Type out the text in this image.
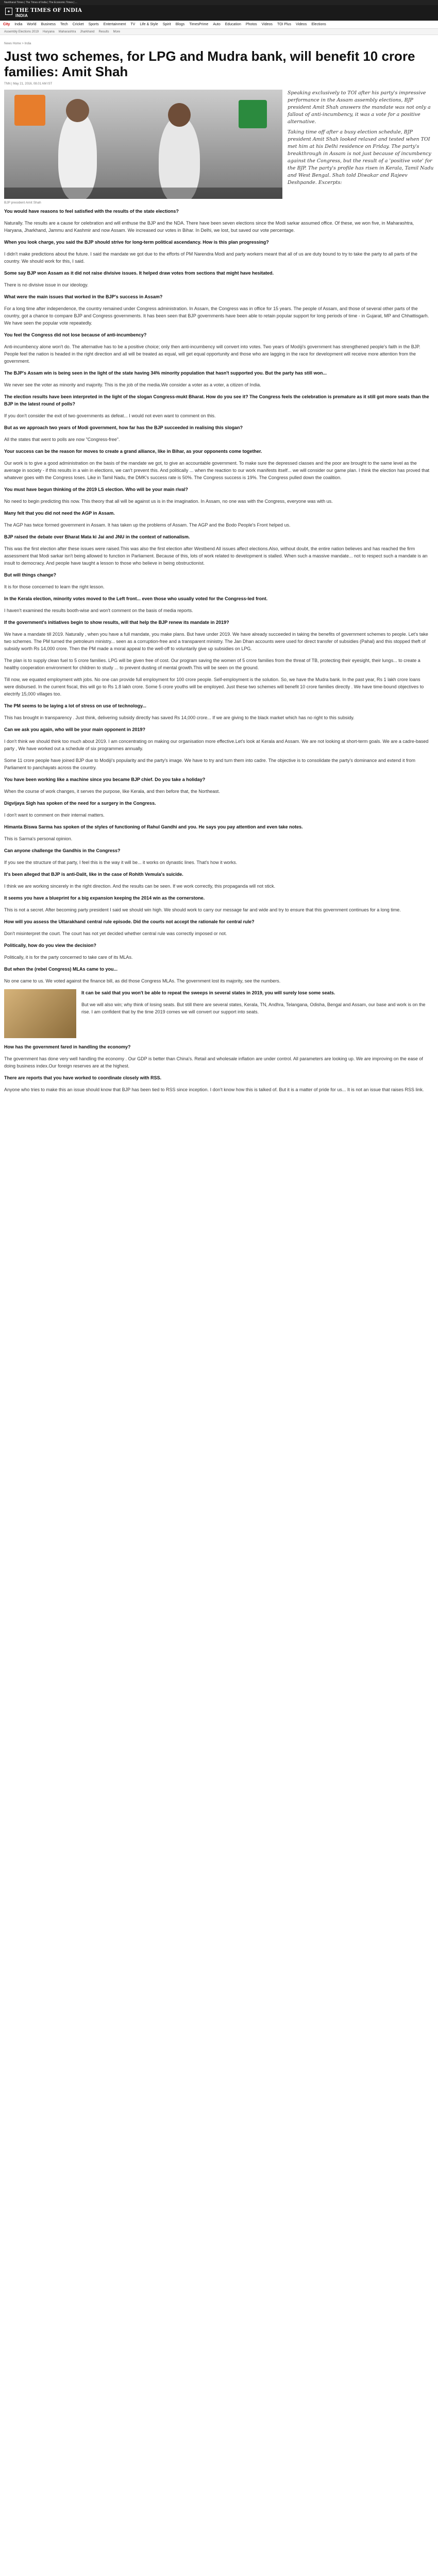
Navbharat Times | The Times of India | The Economic Times | ...
✦ THE TIMES OF INDIA
INDIA
City India World Business Tech Cricket Sports Entertainment TV Life & Style Spirit Blogs TimesPrime Auto Education Photos Videos TOI Plus Videos Elections
Assembly Elections 2019 Haryana Maharashtra Jharkhand Results More
News Home > India
Just two schemes, for LPG and Mudra bank, will benefit 10 crore families: Amit Shah
TNN | May 21, 2016, 08.01 AM IST

Speaking exclusively to TOI after his party's impressive performance in the Assam assembly elections, BJP president Amit Shah answers the mandate was not only a fallout of anti-incumbency, it was a vote for a positive alternative.

Taking time off after a busy election schedule, BJP president Amit Shah looked relaxed and tested when TOI met him at his Delhi residence on Friday. The party's breakthrough in Assam is not just because of incumbency against the Congress, but the result of a 'positive vote' for the BJP. The party's profile has risen in Kerala, Tamil Nadu and West Bengal. Shah told Diwakar and Rajeev Deshpande. Excerpts:

BJP president Amit Shah

You would have reasons to feel satisfied with the results of the state elections?

Naturally. The results are a cause for celebration and will enthuse the BJP and the NDA. There have been seven elections since the Modi sarkar assumed office. Of these, we won five, in Maharashtra, Haryana, Jharkhand, Jammu and Kashmir and now Assam. We increased our votes in Bihar. In Delhi, we lost, but saved our vote percentage.

When you look charge, you said the BJP should strive for long-term political ascendancy. How is this plan progressing?

I didn't make predictions about the future. I said the mandate we got due to the efforts of PM Narendra Modi and party workers meant that all of us are duty bound to try to take the party to all parts of the country. We should work for this, I said.

Some say BJP won Assam as it did not raise divisive issues. It helped draw votes from sections that might have hesitated.

There is no divisive issue in our ideology.

What were the main issues that worked in the BJP's success in Assam?

For a long time after independence, the country remained under Congress administration. In Assam, the Congress was in office for 15 years. The people of Assam, and those of several other parts of the country, got a chance to compare BJP and Congress governments. It has been seen that BJP governments have been able to retain popular support for long periods of time - in Gujarat, MP and Chhattisgarh. We have seen the popular vote repeatedly.

You feel the Congress did not lose because of anti-incumbency?

Anti-incumbency alone won't do. The alternative has to be a positive choice; only then anti-incumbency will convert into votes. Two years of Modiji's government has strengthened people's faith in the BJP. People feel the nation is headed in the right direction and all will be treated as equal, will get equal opportunity and those who are lagging in the race for development will receive more attention from the government.

The BJP's Assam win is being seen in the light of the state having 34% minority population that hasn't supported you. But the party has still won...

We never see the voter as minority and majority. This is the job of the media.We consider a voter as a voter, a citizen of India.

The election results have been interpreted in the light of the slogan Congress-mukt Bharat. How do you see it? The Congress feels the celebration is premature as it still got more seats than the BJP in the latest round of polls?

If you don't consider the exit of two governments as defeat... I would not even want to comment on this.

But as we approach two years of Modi government, how far has the BJP succeeded in realising this slogan?

All the states that went to polls are now "Congress-free".

Your success can be the reason for moves to create a grand alliance, like in Bihar, as your opponents come together.

Our work is to give a good administration on the basis of the mandate we got, to give an accountable government. To make sure the depressed classes and the poor are brought to the same level as the average in society - if this results in a win in elections, we can't prevent this. And politically ... when the reaction to our work manifests itself... we will consider our game plan. I think the election has proved that whatever goes with the Congress loses. Like in Tamil Nadu, the DMK's success rate is 50%. The Congress success is 19%. The Congress pulled down the coalition.

You must have begun thinking of the 2019 LS election. Who will be your main rival?

No need to begin predicting this now. This theory that all will be against us is in the imagination. In Assam, no one was with the Congress, everyone was with us.

Many felt that you did not need the AGP in Assam.

The AGP has twice formed government in Assam. It has taken up the problems of Assam. The AGP and the Bodo People's Front helped us.

BJP raised the debate over Bharat Mata ki Jai and JNU in the context of nationalism.

This was the first election after these issues were raised.This was also the first election after Westbend All issues affect elections.Also, without doubt, the entire nation believes and has reached the firm assessment that Modi sarkar isn't being allowed to function in Parliament. Because of this, lots of work related to development is stalled. When such a massive mandate... not to respect such a mandate is an insult to democracy. And people have taught a lesson to those who believe in being obstructionist.

But will things change?

It is for those concerned to learn the right lesson.

In the Kerala election, minority votes moved to the Left front... even those who usually voted for the Congress-led front.

I haven't examined the results booth-wise and won't comment on the basis of media reports.

If the government's initiatives begin to show results, will that help the BJP renew its mandate in 2019?

We have a mandate till 2019. Naturally , when you have a full mandate, you make plans. But have under 2019. We have already succeeded in taking the benefits of government schemes to people. Let's take two schemes. The PM turned the petroleum ministry... seen as a corruption-free and a transparent ministry. The Jan Dhan accounts were used for direct transfer of subsidies (Pahal) and this stopped theft of subsidy worth Rs 14,000 crore. Then the PM made a moral appeal to the well-off to voluntarily give up subsidies on LPG.

The plan is to supply clean fuel to 5 crore families. LPG will be given free of cost. Our program saving the women of 5 crore families from the threat of TB, protecting their eyesight, their lungs... to create a healthy cooperation environment for children to study ... to prevent dusting of mental growth.This will be seen on the ground.

Till now, we equated employment with jobs. No one can provide full employment for 100 crore people. Self-employment is the solution. So, we have the Mudra bank. In the past year, Rs 1 lakh crore loans were disbursed. In the current fiscal, this will go to Rs 1.8 lakh crore. Some 5 crore youths will be employed. Just these two schemes will benefit 10 crore families directly . We have time-bound objectives to electrify 15,000 villages too.

The PM seems to be laying a lot of stress on use of technology...

This has brought in transparency . Just think, delivering subsidy directly has saved Rs 14,000 crore... If we are giving to the black market which has no right to this subsidy.

Can we ask you again, who will be your main opponent in 2019?

I don't think we should think too much about 2019. I am concentrating on making our organisation more effective.Let's look at Kerala and Assam. We are not looking at short-term goals. We are a cadre-based party , We have worked out a schedule of six programmes annually.

Some 11 crore people have joined BJP due to Modiji's popularity and the party's image. We have to try and turn them into cadre. The objective is to consolidate the party's dominance and extend it from Parliament to panchayats across the country.

You have been working like a machine since you became BJP chief. Do you take a holiday?

When the course of work changes, it serves the purpose, like Kerala, and then before that, the Northeast.

Digvijaya Sigh has spoken of the need for a surgery in the Congress.

I don't want to comment on their internal matters.

Himanta Biswa Sarma has spoken of the styles of functioning of Rahul Gandhi and you. He says you pay attention and even take notes.

This is Sarma's personal opinion.

Can anyone challenge the Gandhis in the Congress?

If you see the structure of that party, I feel this is the way it will be... it works on dynastic lines. That's how it works.

It's been alleged that BJP is anti-Dalit, like in the case of Rohith Vemula's suicide.

I think we are working sincerely in the right direction. And the results can be seen. If we work correctly, this propaganda will not stick.

It seems you have a blueprint for a big expansion keeping the 2014 win as the cornerstone.

This is not a secret. After becoming party president I said we should win high. We should work to carry our message far and wide and try to ensure that this government continues for a long time.

How will you assess the Uttarakhand central rule episode. Did the courts not accept the rationale for central rule?

Don't misinterpret the court. The court has not yet decided whether central rule was correctly imposed or not.

Politically, how do you view the decision?

Politically, it is for the party concerned to take care of its MLAs.

But when the (rebel Congress) MLAs came to you...

No one came to us. We voted against the finance bill, as did those Congress MLAs. The government lost its majority, see the numbers.

It can be said that you won't be able to repeat the sweeps in several states in 2019, you will surely lose some seats.

But we will also win; why think of losing seats. But still there are several states, Kerala, TN, Andhra, Telangana, Odisha, Bengal and Assam, our base and work is on the rise. I am confident that by the time 2019 comes we will convert our support into seats.

How has the government fared in handling the economy?

The government has done very well handling the economy . Our GDP is better than China's. Retail and wholesale inflation are under control. All parameters are looking up. We are improving on the ease of doing business index.Our foreign reserves are at the highest.

There are reports that you have worked to coordinate closely with RSS.

Anyone who tries to make this an issue should know that BJP has been tied to RSS since inception. I don't know how this is talked of. But it is a matter of pride for us... It is not an issue that raises RSS link.
